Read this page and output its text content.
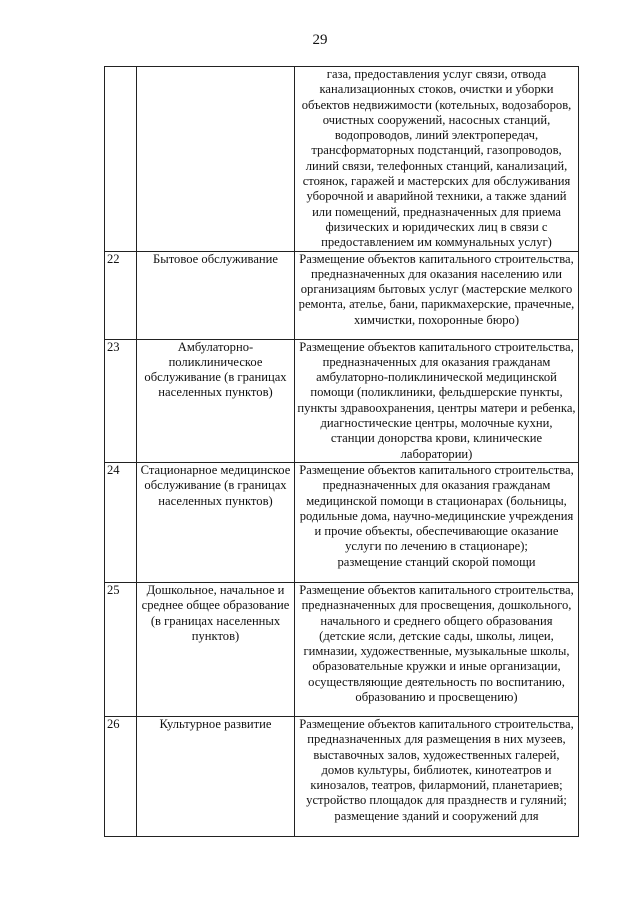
29

		газа, предоставления услуг связи, отвода канализационных стоков, очистки и уборки объектов недвижимости (котельных, водозаборов, очистных сооружений, насосных станций, водопроводов, линий электропередач, трансформаторных подстанций, газопроводов, линий связи, телефонных станций, канализаций, стоянок, гаражей и мастерских для обслуживания уборочной и аварийной техники, а также зданий или помещений, предназначенных для приема физических и юридических лиц в связи с предоставлением им коммунальных услуг)

22	Бытовое обслуживание	Размещение объектов капитального строительства, предназначенных для оказания населению или организациям бытовых услуг (мастерские мелкого ремонта, ателье, бани, парикмахерские, прачечные, химчистки, похоронные бюро)

23	Амбулаторно-поликлиническое обслуживание (в границах населенных пунктов)	Размещение объектов капитального строительства, предназначенных для оказания гражданам амбулаторно-поликлинической медицинской помощи (поликлиники, фельдшерские пункты, пункты здравоохранения, центры матери и ребенка, диагностические центры, молочные кухни, станции донорства крови, клинические лаборатории)

24	Стационарное медицинское обслуживание (в границах населенных пунктов)	Размещение объектов капитального строительства, предназначенных для оказания гражданам медицинской помощи в стационарах (больницы, родильные дома, научно-медицинские учреждения и прочие объекты, обеспечивающие оказание услуги по лечению в стационаре);
размещение станций скорой помощи

25	Дошкольное, начальное и среднее общее образование (в границах населенных пунктов)	Размещение объектов капитального строительства, предназначенных для просвещения, дошкольного, начального и среднего общего образования (детские ясли, детские сады, школы, лицеи, гимназии, художественные, музыкальные школы, образовательные кружки и иные организации, осуществляющие деятельность по воспитанию, образованию и просвещению)

26	Культурное развитие	Размещение объектов капитального строительства, предназначенных для размещения в них музеев, выставочных залов, художественных галерей, домов культуры, библиотек, кинотеатров и кинозалов, театров, филармоний, планетариев;
устройство площадок для празднеств и гуляний;
размещение зданий и сооружений для
